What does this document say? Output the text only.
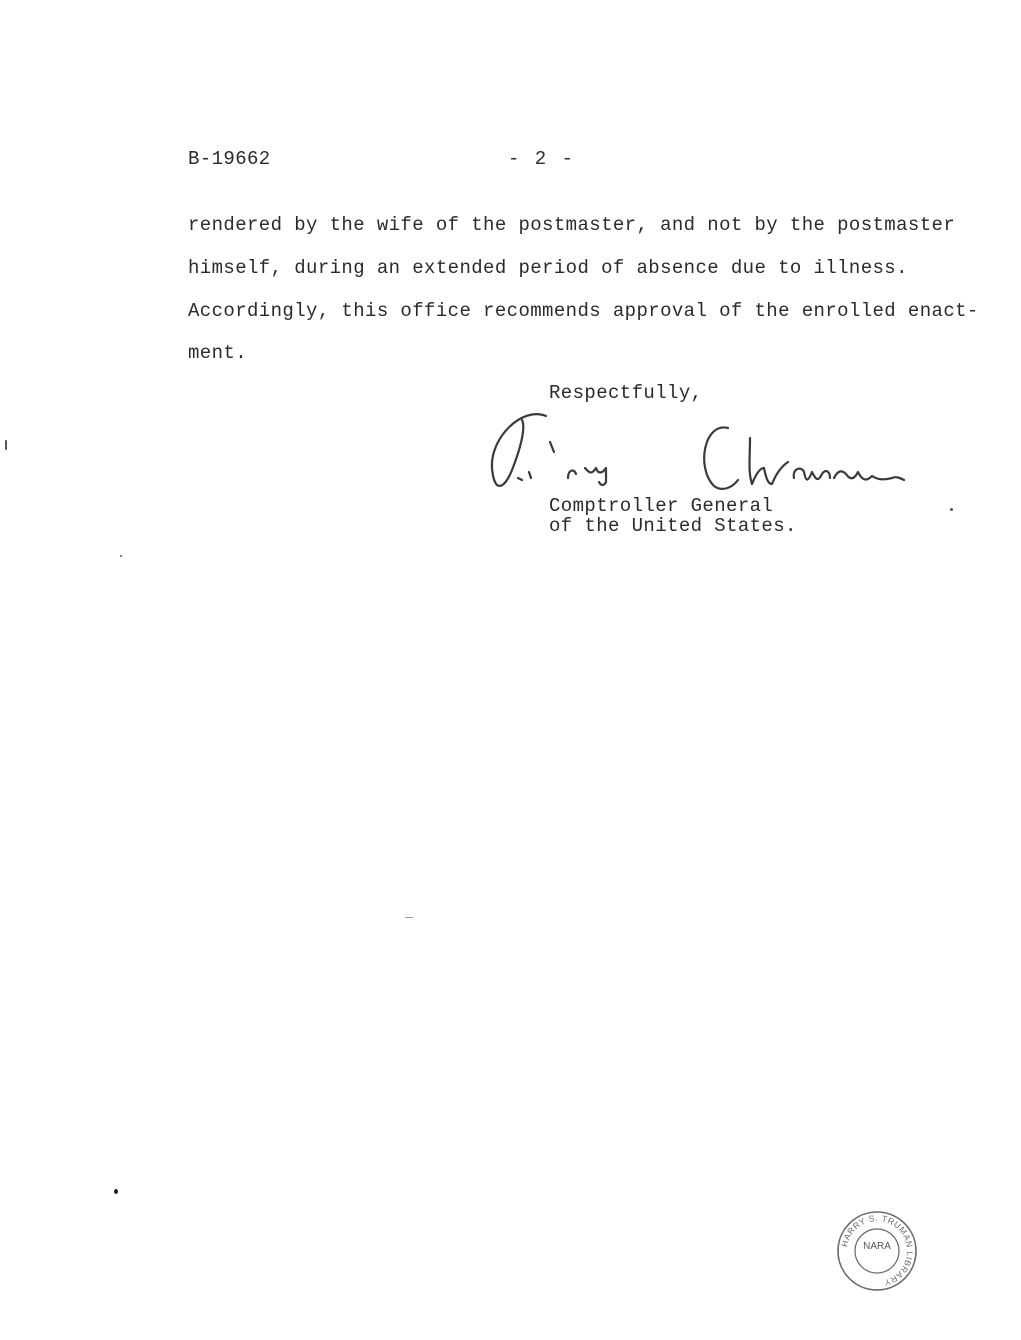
B-19662	- 2 -
rendered by the wife of the postmaster, and not by the postmaster
himself, during an extended period of absence due to illness.
Accordingly, this office recommends approval of the enrolled enact-
ment.
Respectfully,
Comptroller General
of the United States.
HARRY S. TRUMAN LIBRARY
NARA
